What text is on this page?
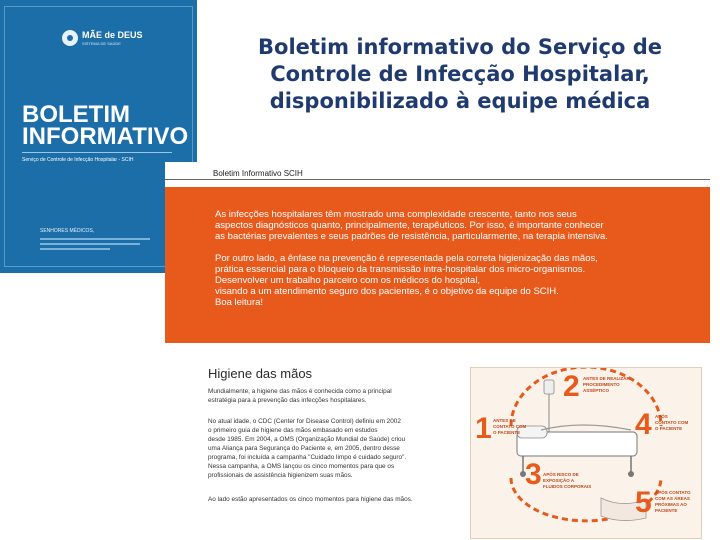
MÃE de DEUS
SISTEMA DE SAÚDE
BOLETIM
INFORMATIVO
Serviço de Controle de Infecção Hospitalar - SCIH
SENHORES MÉDICOS,
Boletim informativo do Serviço de
Controle de Infecção Hospitalar,
disponibilizado à equipe médica
Boletim Informativo SCIH
As infecções hospitalares têm mostrado uma complexidade crescente, tanto nos seus
aspectos diagnósticos quanto, principalmente, terapêuticos. Por isso, é importante conhecer
as bactérias prevalentes e seus padrões de resistência, particularmente, na terapia intensiva.
Por outro lado, a ênfase na prevenção é representada pela correta higienização das mãos,
prática essencial para o bloqueio da transmissão intra-hospitalar dos micro-organismos.
Desenvolver um trabalho parceiro com os médicos do hospital,
visando a um atendimento seguro dos pacientes, é o objetivo da equipe do SCIH.
Boa leitura!
Higiene das mãos
Mundialmente, a higiene das mãos é conhecida como a principal
estratégia para a prevenção das infecções hospitalares.
No atual idade, o CDC (Center for Disease Control) definiu em 2002
o primeiro guia de higiene das mãos embasado em estudos
desde 1985. Em 2004, a OMS (Organização Mundial de Saúde) criou
uma Aliança para Segurança do Paciente e, em 2005, dentro desse
programa, foi incluída a campanha "Cuidado limpo é cuidado seguro".
Nessa campanha, a OMS lançou os cinco momentos para que os
profissionais de assistência higienizem suas mãos.
Ao lado estão apresentados os cinco momentos para higiene das mãos.
1 ANTES DE
CONTATO COM
O PACIENTE
2 ANTES DE REALIZAR
PROCEDIMENTO
ASSÉPTICO
3 APÓS RISCO DE
EXPOSIÇÃO A
FLUIDOS CORPORAIS
4 APÓS
CONTATO COM
O PACIENTE
5 APÓS CONTATO
COM AS ÁREAS
PRÓXIMAS AO
PACIENTE
